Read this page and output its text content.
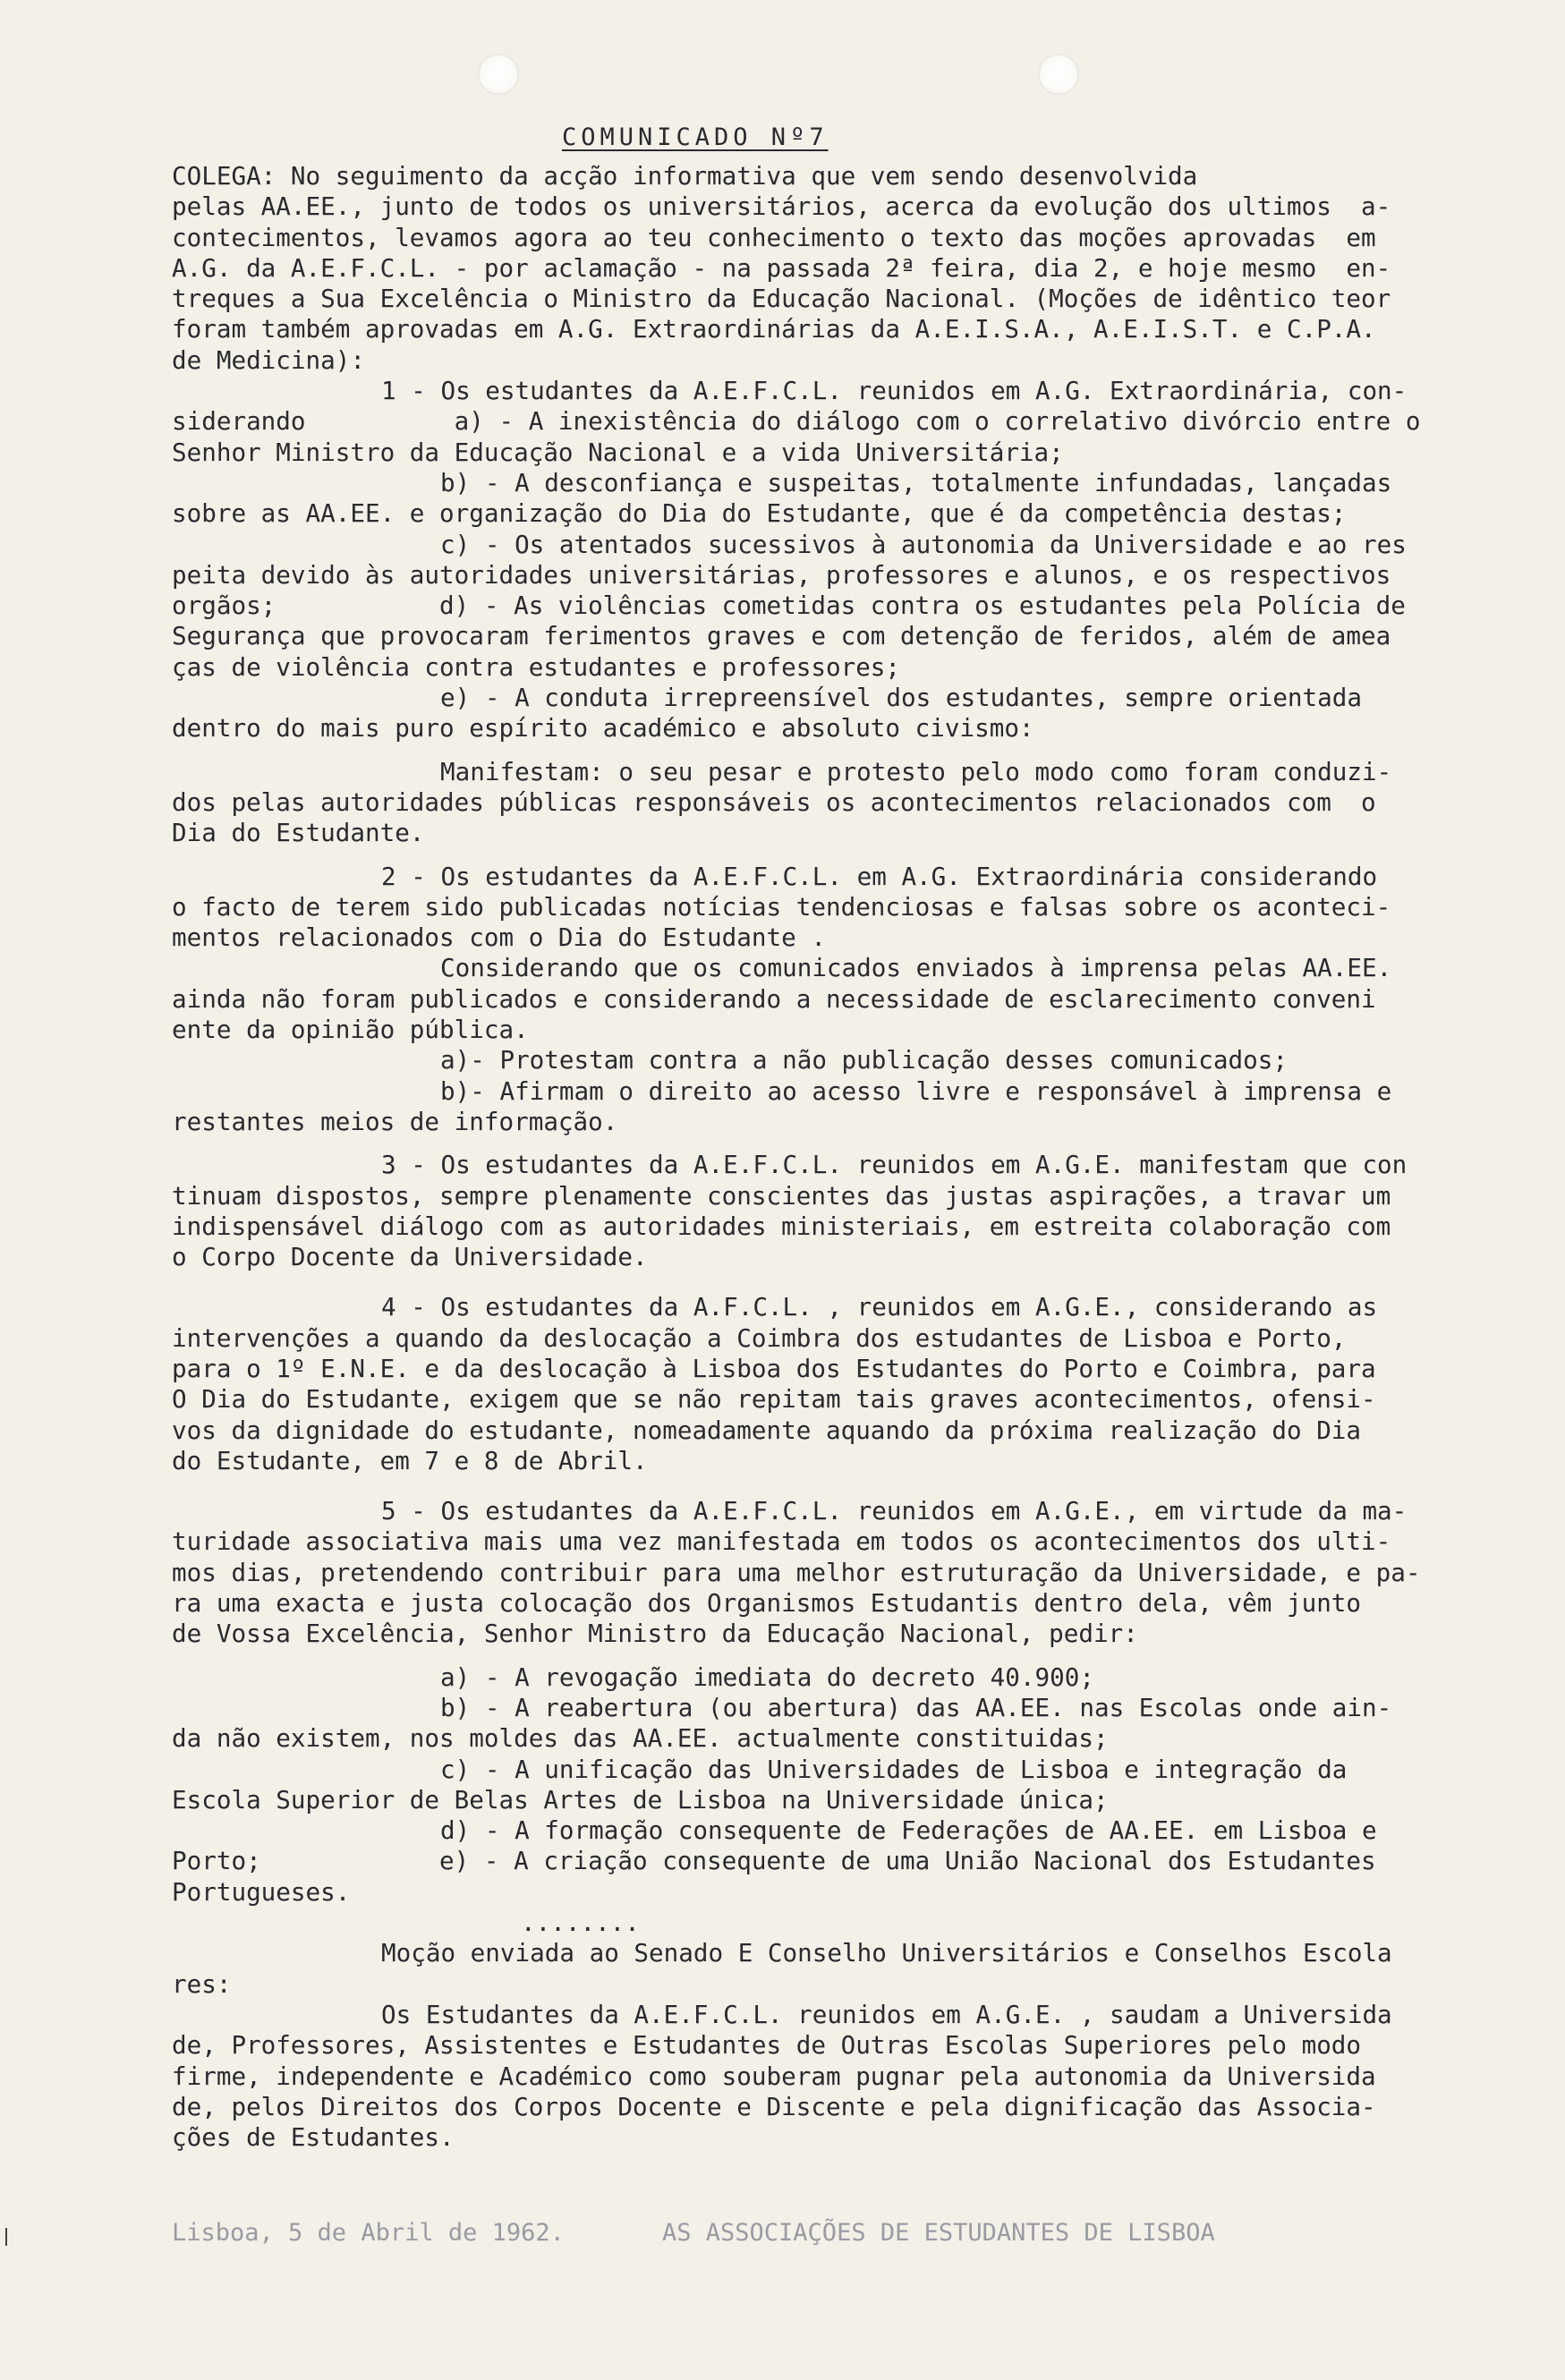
COMUNICADO Nº7
COLEGA: No seguimento da acção informativa que vem sendo desenvolvida
pelas AA.EE., junto de todos os universitários, acerca da evolução dos ultimos  a-
contecimentos, levamos agora ao teu conhecimento o texto das moções aprovadas  em
A.G. da A.E.F.C.L. - por aclamação - na passada 2ª feira, dia 2, e hoje mesmo  en-
treques a Sua Excelência o Ministro da Educação Nacional. (Moções de idêntico teor
foram também aprovadas em A.G. Extraordinárias da A.E.I.S.A., A.E.I.S.T. e C.P.A.
de Medicina):
1 - Os estudantes da A.E.F.C.L. reunidos em A.G. Extraordinária, con-
siderando          a) - A inexistência do diálogo com o correlativo divórcio entre o
Senhor Ministro da Educação Nacional e a vida Universitária;
b) - A desconfiança e suspeitas, totalmente infundadas, lançadas
sobre as AA.EE. e organização do Dia do Estudante, que é da competência destas;
c) - Os atentados sucessivos à autonomia da Universidade e ao res
peita devido às autoridades universitárias, professores e alunos, e os respectivos
orgãos;           d) - As violências cometidas contra os estudantes pela Polícia de
Segurança que provocaram ferimentos graves e com detenção de feridos, além de amea
ças de violência contra estudantes e professores;
e) - A conduta irrepreensível dos estudantes, sempre orientada
dentro do mais puro espírito académico e absoluto civismo:
Manifestam: o seu pesar e protesto pelo modo como foram conduzi-
dos pelas autoridades públicas responsáveis os acontecimentos relacionados com  o
Dia do Estudante.
2 - Os estudantes da A.E.F.C.L. em A.G. Extraordinária considerando
o facto de terem sido publicadas notícias tendenciosas e falsas sobre os aconteci-
mentos relacionados com o Dia do Estudante .
Considerando que os comunicados enviados à imprensa pelas AA.EE.
ainda não foram publicados e considerando a necessidade de esclarecimento conveni
ente da opinião pública.
a)- Protestam contra a não publicação desses comunicados;
b)- Afirmam o direito ao acesso livre e responsável à imprensa e
restantes meios de informação.
3 - Os estudantes da A.E.F.C.L. reunidos em A.G.E. manifestam que con
tinuam dispostos, sempre plenamente conscientes das justas aspirações, a travar um
indispensável diálogo com as autoridades ministeriais, em estreita colaboração com
o Corpo Docente da Universidade.
4 - Os estudantes da A.F.C.L. , reunidos em A.G.E., considerando as
intervenções a quando da deslocação a Coimbra dos estudantes de Lisboa e Porto,
para o 1º E.N.E. e da deslocação à Lisboa dos Estudantes do Porto e Coimbra, para
O Dia do Estudante, exigem que se não repitam tais graves acontecimentos, ofensi-
vos da dignidade do estudante, nomeadamente aquando da próxima realização do Dia
do Estudante, em 7 e 8 de Abril.
5 - Os estudantes da A.E.F.C.L. reunidos em A.G.E., em virtude da ma-
turidade associativa mais uma vez manifestada em todos os acontecimentos dos ulti-
mos dias, pretendendo contribuir para uma melhor estruturação da Universidade, e pa-
ra uma exacta e justa colocação dos Organismos Estudantis dentro dela, vêm junto
de Vossa Excelência, Senhor Ministro da Educação Nacional, pedir:
a) - A revogação imediata do decreto 40.900;
b) - A reabertura (ou abertura) das AA.EE. nas Escolas onde ain-
da não existem, nos moldes das AA.EE. actualmente constituidas;
c) - A unificação das Universidades de Lisboa e integração da
Escola Superior de Belas Artes de Lisboa na Universidade única;
d) - A formação consequente de Federações de AA.EE. em Lisboa e
Porto;            e) - A criação consequente de uma União Nacional dos Estudantes
Portugueses.
........
Moção enviada ao Senado E Conselho Universitários e Conselhos Escola
res:
Os Estudantes da A.E.F.C.L. reunidos em A.G.E. , saudam a Universida
de, Professores, Assistentes e Estudantes de Outras Escolas Superiores pelo modo
firme, independente e Académico como souberam pugnar pela autonomia da Universida
de, pelos Direitos dos Corpos Docente e Discente e pela dignificação das Associa-
ções de Estudantes.
Lisboa, 5 de Abril de 1962.	AS ASSOCIAÇÕES DE ESTUDANTES DE LISBOA
